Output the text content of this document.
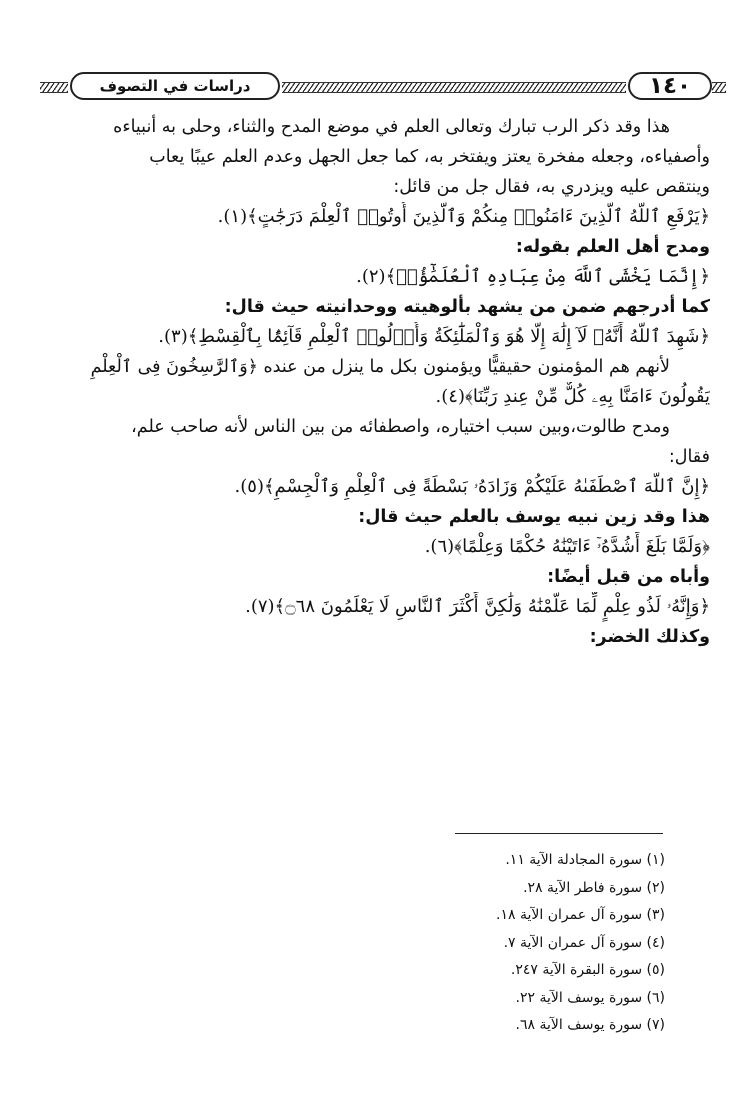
١٤٠
دراسات في التصوف
هذا وقد ذكر الرب تبارك وتعالى العلم في موضع المدح والثناء، وحلى به أنبياءه
وأصفياءه، وجعله مفخرة يعتز ويفتخر به، كما جعل الجهل وعدم العلم عيبًا يعاب
وينتقص عليه ويزدري به، فقال جل من قائل:
﴿يَرْفَعِ ٱللَّهُ ٱلَّذِينَ ءَامَنُوا۟ مِنكُمْ وَٱلَّذِينَ أُوتُوا۟ ٱلْعِلْمَ دَرَجَٰتٍ﴾(١).
ومدح أهل العلم بقوله:
﴿إِنَّمَا يَخْشَى ٱللَّهَ مِنْ عِبَادِهِ ٱلْعُلَمَٰٓؤُا۟﴾(٢).
كما أدرجهم ضمن من يشهد بألوهيته ووحدانيته حيث قال:
﴿شَهِدَ ٱللَّهُ أَنَّهُۥ لَآ إِلَٰهَ إِلَّا هُوَ وَٱلْمَلَٰٓئِكَةُ وَأُو۟لُوا۟ ٱلْعِلْمِ قَآئِمًۢا بِٱلْقِسْطِ﴾(٣).
لأنهم هم المؤمنون حقيقيًّا ويؤمنون بكل ما ينزل من عنده ﴿وَٱلرَّٰسِخُونَ فِى ٱلْعِلْمِ
يَقُولُونَ ءَامَنَّا بِهِۦ كُلٌّ مِّنْ عِندِ رَبِّنَا﴾(٤).
ومدح طالوت،وبين سبب اختياره، واصطفائه من بين الناس لأنه صاحب علم،
فقال:
﴿إِنَّ ٱللَّهَ ٱصْطَفَىٰهُ عَلَيْكُمْ وَزَادَهُۥ بَسْطَةً فِى ٱلْعِلْمِ وَٱلْجِسْمِ﴾(٥).
هذا وقد زين نبيه يوسف بالعلم حيث قال:
﴿وَلَمَّا بَلَغَ أَشُدَّهُۥٓ ءَاتَيْنَٰهُ حُكْمًا وَعِلْمًا﴾(٦).
وأباه من قبل أيضًا:
﴿وَإِنَّهُۥ لَذُو عِلْمٍ لِّمَا عَلَّمْنَٰهُ وَلَٰكِنَّ أَكْثَرَ ٱلنَّاسِ لَا يَعْلَمُونَ ۝٦٨﴾(٧).
وكذلك الخضر:
(١) سورة المجادلة الآية ١١.
(٢) سورة فاطر الآية ٢٨.
(٣) سورة آل عمران الآية ١٨.
(٤) سورة آل عمران الآية ٧.
(٥) سورة البقرة الآية ٢٤٧.
(٦) سورة يوسف الآية ٢٢.
(٧) سورة يوسف الآية ٦٨.
